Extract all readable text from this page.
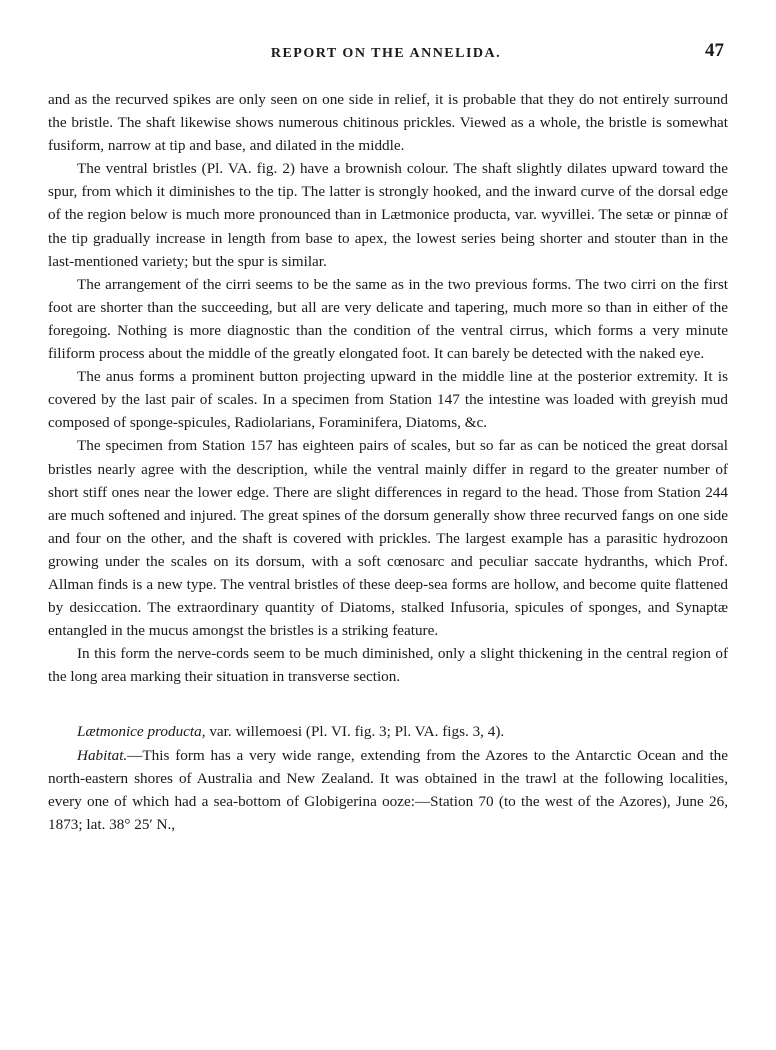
REPORT ON THE ANNELIDA.	47

and as the recurved spikes are only seen on one side in relief, it is probable that they do not entirely surround the bristle. The shaft likewise shows numerous chitinous prickles. Viewed as a whole, the bristle is somewhat fusiform, narrow at tip and base, and dilated in the middle.

The ventral bristles (Pl. VA. fig. 2) have a brownish colour. The shaft slightly dilates upward toward the spur, from which it diminishes to the tip. The latter is strongly hooked, and the inward curve of the dorsal edge of the region below is much more pronounced than in Lætmonice producta, var. wyvillei. The setæ or pinnæ of the tip gradually increase in length from base to apex, the lowest series being shorter and stouter than in the last-mentioned variety; but the spur is similar.

The arrangement of the cirri seems to be the same as in the two previous forms. The two cirri on the first foot are shorter than the succeeding, but all are very delicate and tapering, much more so than in either of the foregoing. Nothing is more diagnostic than the condition of the ventral cirrus, which forms a very minute filiform process about the middle of the greatly elongated foot. It can barely be detected with the naked eye.

The anus forms a prominent button projecting upward in the middle line at the posterior extremity. It is covered by the last pair of scales. In a specimen from Station 147 the intestine was loaded with greyish mud composed of sponge-spicules, Radiolarians, Foraminifera, Diatoms, &c.

The specimen from Station 157 has eighteen pairs of scales, but so far as can be noticed the great dorsal bristles nearly agree with the description, while the ventral mainly differ in regard to the greater number of short stiff ones near the lower edge. There are slight differences in regard to the head. Those from Station 244 are much softened and injured. The great spines of the dorsum generally show three recurved fangs on one side and four on the other, and the shaft is covered with prickles. The largest example has a parasitic hydrozoon growing under the scales on its dorsum, with a soft cœnosarc and peculiar saccate hydranths, which Prof. Allman finds is a new type. The ventral bristles of these deep-sea forms are hollow, and become quite flattened by desiccation. The extraordinary quantity of Diatoms, stalked Infusoria, spicules of sponges, and Synaptæ entangled in the mucus amongst the bristles is a striking feature.

In this form the nerve-cords seem to be much diminished, only a slight thickening in the central region of the long area marking their situation in transverse section.

Lætmonice producta, var. willemoesi (Pl. VI. fig. 3; Pl. VA. figs. 3, 4).

Habitat.—This form has a very wide range, extending from the Azores to the Antarctic Ocean and the north-eastern shores of Australia and New Zealand. It was obtained in the trawl at the following localities, every one of which had a sea-bottom of Globigerina ooze:—Station 70 (to the west of the Azores), June 26, 1873; lat. 38° 25′ N.,
